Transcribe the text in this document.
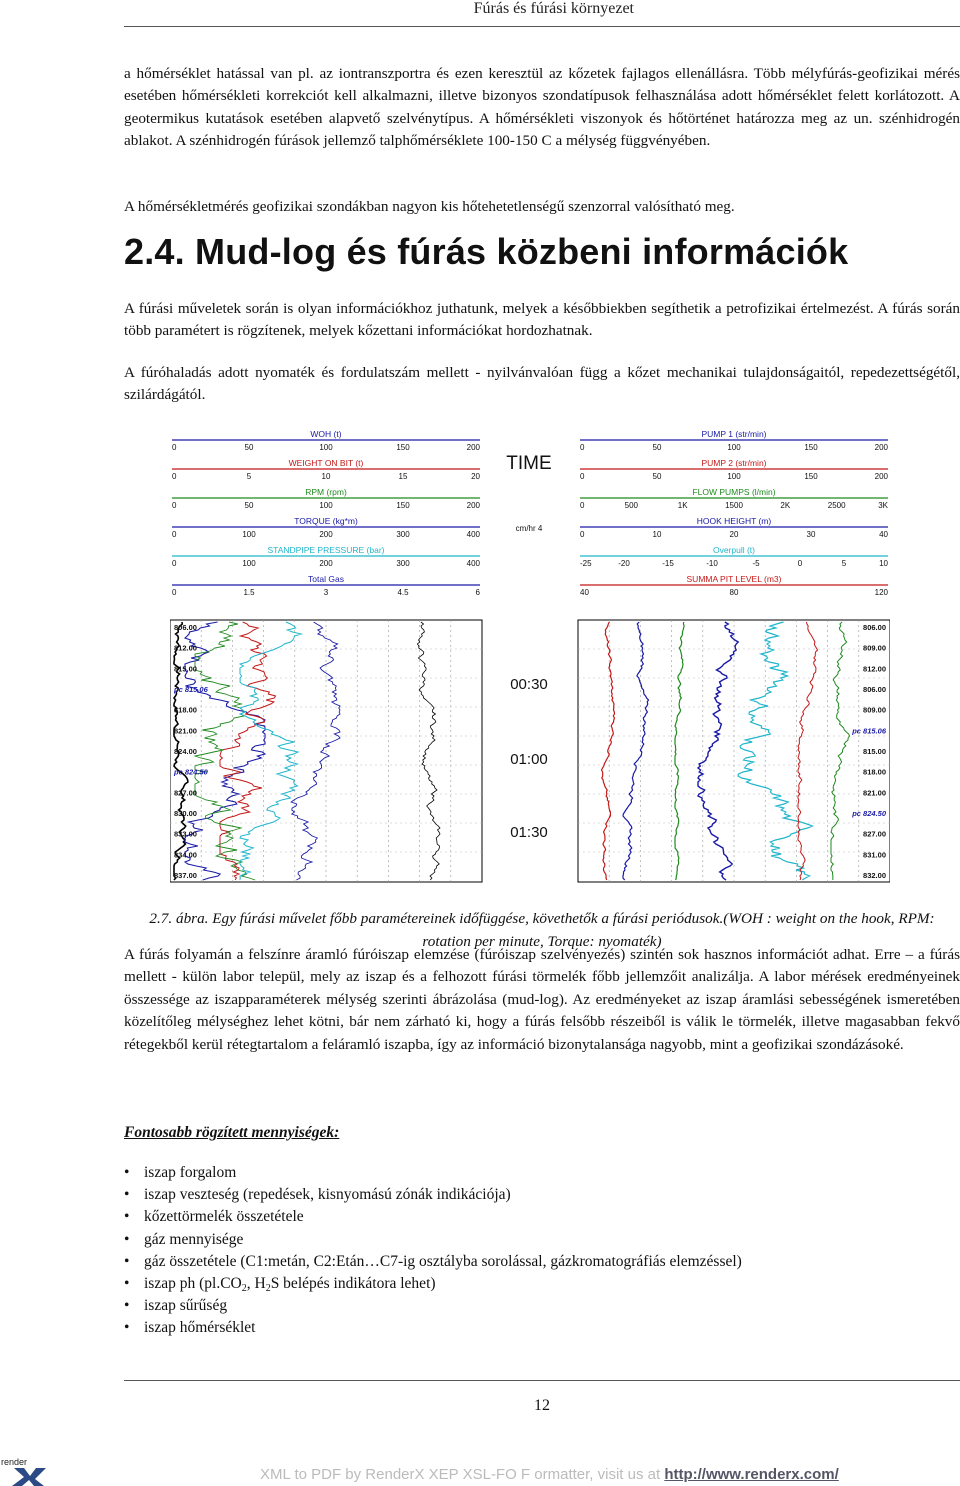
Fúrás és fúrási környezet
a hőmérséklet hatással van pl. az iontranszportra és ezen keresztül az kőzetek fajlagos ellenállásra. Több mélyfúrás-geofizikai mérés esetében hőmérsékleti korrekciót kell alkalmazni, illetve bizonyos szondatípusok felhasználása adott hőmérséklet felett korlátozott. A geotermikus kutatások esetében alapvető szelvénytípus. A hőmérsékleti viszonyok és hőtörténet határozza meg az un. szénhidrogén ablakot. A szénhidrogén fúrások jellemző talphőmérséklete 100-150 C a mélység függvényében.
A hőmérsékletmérés geofizikai szondákban nagyon kis hőtehetetlenségű szenzorral valósítható meg.
2.4. Mud-log és fúrás közbeni információk
A fúrási műveletek során is olyan információkhoz juthatunk, melyek a későbbiekben segíthetik a petrofizikai értelmezést. A fúrás során több paramétert is rögzítenek, melyek kőzettani információkat hordozhatnak.
A fúróhaladás adott nyomaték és fordulatszám mellett - nyilvánvalóan függ a kőzet mechanikai tulajdonságaitól, repedezettségétől, szilárdágától.
WOH (t)
0	50	100	150	200
WEIGHT ON BIT (t)
0	5	10	15	20
RPM (rpm)
0	50	100	150	200
TORQUE (kg*m)
0	100	200	300	400
STANDPIPE PRESSURE (bar)
0	100	200	300	400
Total Gas
0	1.5	3	4.5	6
PUMP 1 (str/min)
0	50	100	150	200
PUMP 2 (str/min)
0	50	100	150	200
FLOW PUMPS (l/min)
0	500	1K	1500	2K	2500	3K
HOOK HEIGHT (m)
0	10	20	30	40
Overpull (t)
-25	-20	-15	-10	-5	0	5	10
SUMMA PIT LEVEL (m3)
40	80	120
TIME
cm/hr 4
806.00
812.00
815.00
pc 815.06
818.00
821.00
824.00
pc 824.50
827.00
830.00
833.00
834.00
837.00
806.00
809.00
812.00
806.00
809.00
pc 815.06
815.00
818.00
821.00
pc 824.50
827.00
831.00
832.00
00:30
01:00
01:30
2.7. ábra. Egy fúrási művelet főbb paramétereinek időfüggése, követhetők a fúrási periódusok.(WOH : weight on the hook, RPM: rotation per minute, Torque: nyomaték)
A fúrás folyamán a felszínre áramló fúróiszap elemzése (fúróiszap szelvényezés) szintén sok hasznos információt adhat. Erre – a fúrás mellett - külön labor települ, mely az iszap és a felhozott fúrási törmelék főbb jellemzőit analizálja. A labor mérések eredményeinek összessége az iszapparaméterek mélység szerinti ábrázolása (mud-log). Az eredményeket az iszap áramlási sebességének ismeretében közelítőleg mélységhez lehet kötni, bár nem zárható ki, hogy a fúrás felsőbb részeiből is válik le törmelék, illetve magasabban fekvő rétegekből kerül rétegtartalom a feláramló iszapba, így az információ bizonytalansága nagyobb, mint a geofizikai szondázásoké.
Fontosabb rögzített mennyiségek:
• iszap forgalom
• iszap veszteség (repedések, kisnyomású zónák indikációja)
• kőzettörmelék összetétele
• gáz mennyisége
• gáz összetétele (C1:metán, C2:Etán…C7-ig osztályba sorolással, gázkromatográfiás elemzéssel)
• iszap ph ($pl.CO_2$, $H_2S$ belépés indikátora lehet)
• iszap sűrűség
• iszap hőmérséklet
12
render
XML to PDF by RenderX XEP XSL-FO F ormatter, visit us at http://www.renderx.com/
